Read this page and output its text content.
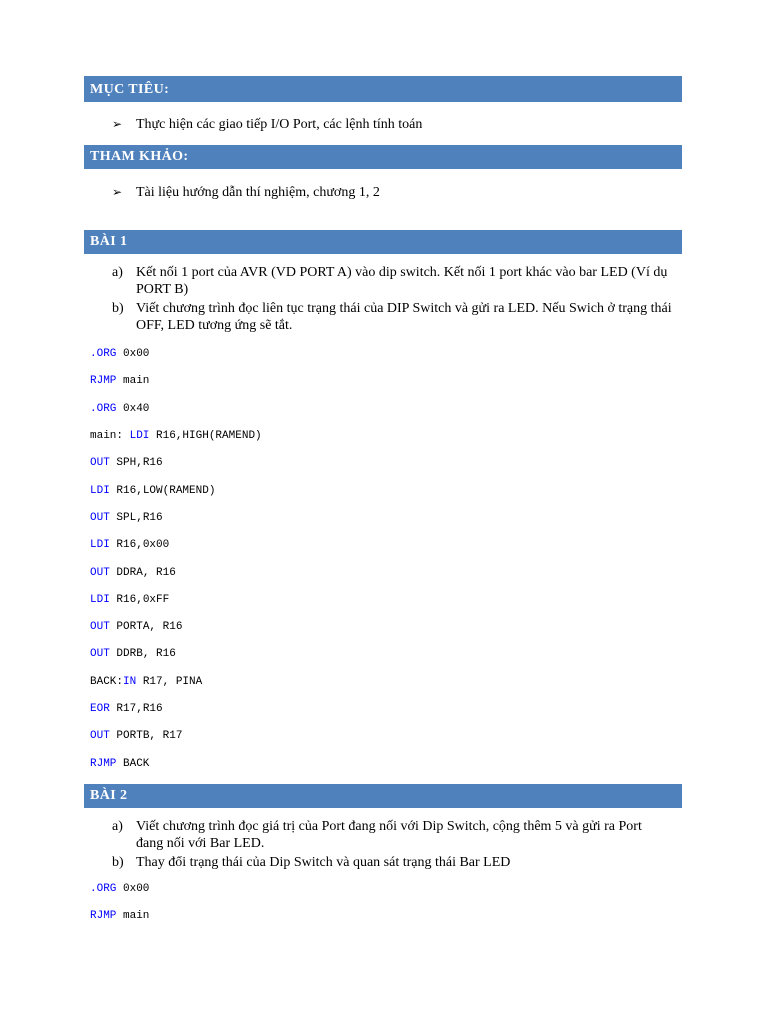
MỤC TIÊU:
➢ Thực hiện các giao tiếp I/O Port, các lệnh tính toán
THAM KHẢO:
➢ Tài liệu hướng dẫn thí nghiệm, chương 1, 2
BÀI 1
a) Kết nối 1 port của AVR (VD PORT A) vào dip switch. Kết nối 1 port khác vào bar LED (Ví dụ PORT B)
b) Viết chương trình đọc liên tục trạng thái của DIP Switch và gửi ra LED. Nếu Swich ở trạng thái OFF, LED tương ứng sẽ tắt.
.ORG 0x00
RJMP main
.ORG 0x40
main: LDI R16,HIGH(RAMEND)
OUT SPH,R16
LDI R16,LOW(RAMEND)
OUT SPL,R16
LDI R16,0x00
OUT DDRA, R16
LDI R16,0xFF
OUT PORTA, R16
OUT DDRB, R16
BACK:IN R17, PINA
EOR R17,R16
OUT PORTB, R17
RJMP BACK
BÀI 2
a) Viết chương trình đọc giá trị của Port đang nối với Dip Switch, cộng thêm 5 và gửi ra Port đang nối với Bar LED.
b) Thay đổi trạng thái của Dip Switch và quan sát trạng thái Bar LED
.ORG 0x00
RJMP main
